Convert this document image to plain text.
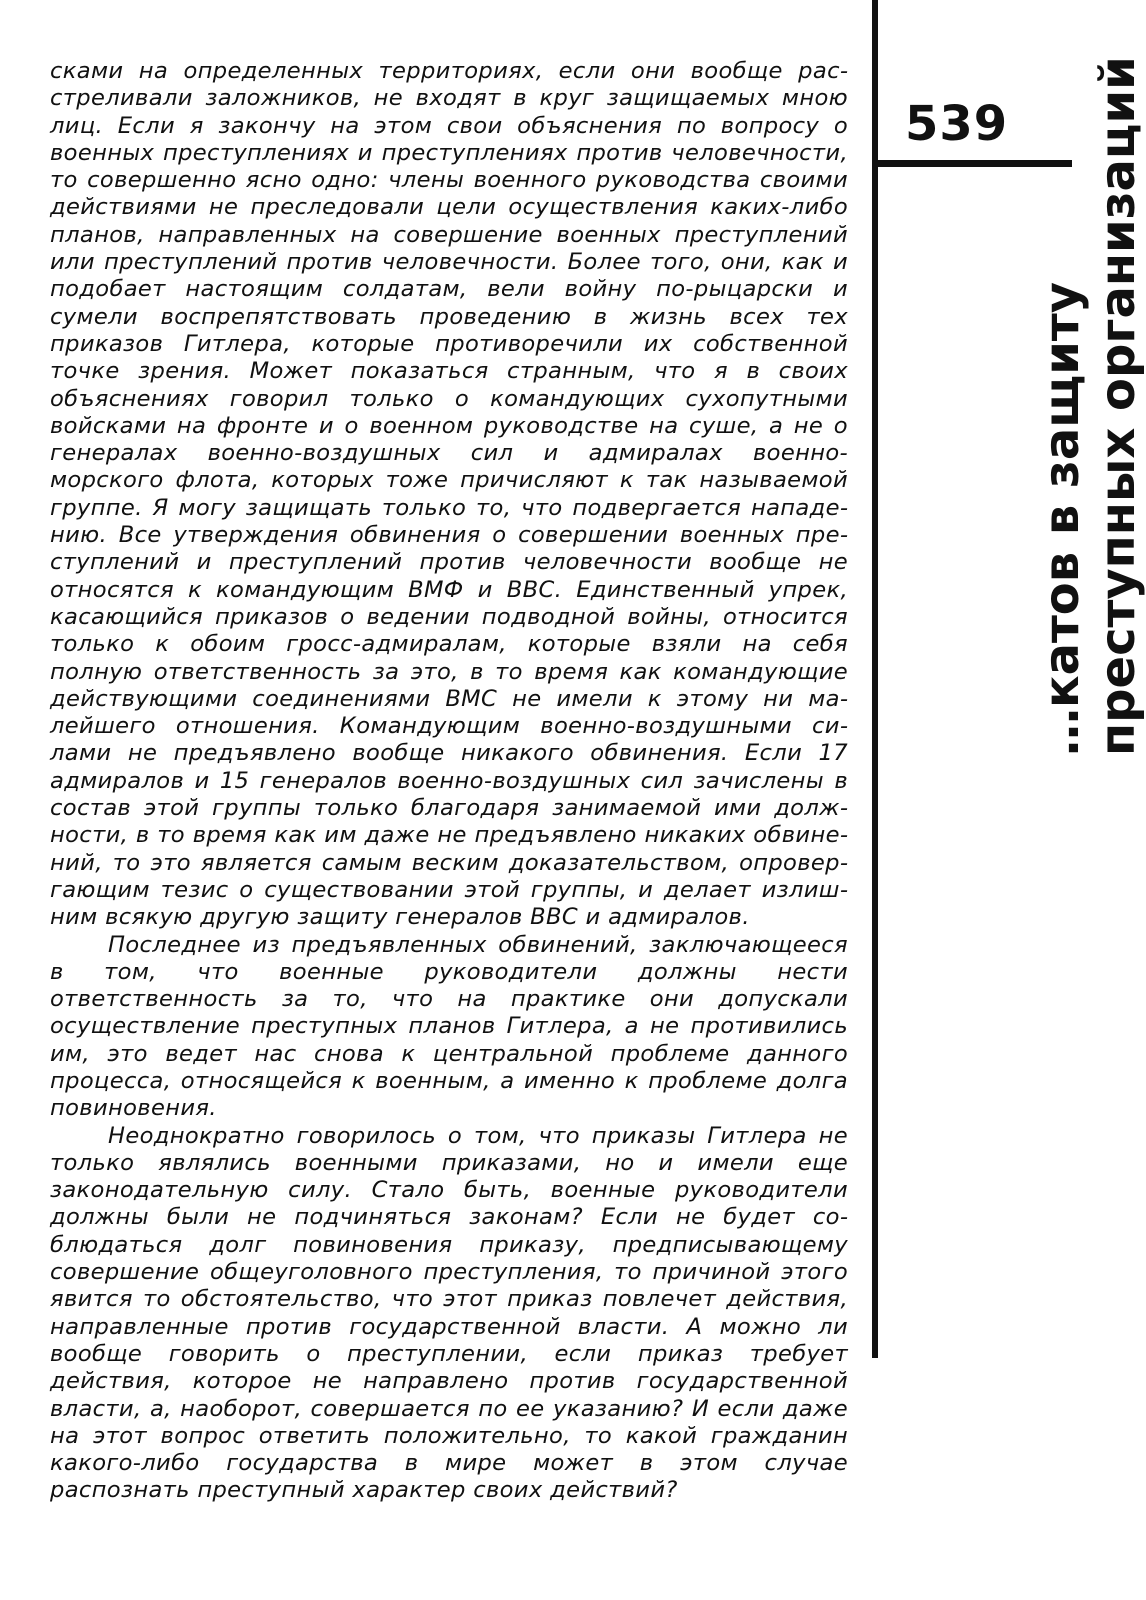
сками на определенных территориях, если они вообще расстреливали заложников, не входят в круг защищаемых мною лиц. Если я закончу на этом свои объяснения по вопросу о военных преступлениях и преступлениях против человечности, то совершенно ясно одно: члены военного руководства своими действиями не преследовали цели осуществления каких-либо планов, направленных на совершение военных преступлений или преступлений против человечности. Более того, они, как и подобает настоящим солдатам, вели войну по-рыцарски и сумели воспрепятствовать проведению в жизнь всех тех приказов Гитлера, которые противоречили их собственной точке зрения. Может показаться странным, что я в своих объяснениях говорил только о командующих сухопутными войсками на фронте и о военном руководстве на суше, а не о генералах военно-воздушных сил и адмиралах военно-морского флота, которых тоже причисляют к так называемой группе. Я могу защищать только то, что подвергается нападению. Все утверждения обвинения о совершении военных преступлений и преступлений против человечности вообще не относятся к командующим ВМФ и ВВС. Единственный упрек, касающийся приказов о ведении подводной войны, относится только к обоим гросс-адмиралам, которые взяли на себя полную ответственность за это, в то время как командующие действующими соединениями ВМС не имели к этому ни малейшего отношения. Командующим военно-воздушными силами не предъявлено вообще никакого обвинения. Если 17 адмиралов и 15 генералов военно-воздушных сил зачислены в состав этой группы только благодаря занимаемой ими должности, в то время как им даже не предъявлено никаких обвинений, то это является самым веским доказательством, опровергающим тезис о существовании этой группы, и делает излишним всякую другую защиту генералов ВВС и адмиралов.

Последнее из предъявленных обвинений, заключающееся в том, что военные руководители должны нести ответственность за то, что на практике они допускали осуществление преступных планов Гитлера, а не противились им, это ведет нас снова к центральной проблеме данного процесса, относящейся к военным, а именно к проблеме долга повиновения.

Неоднократно говорилось о том, что приказы Гитлера не только являлись военными приказами, но и имели еще законодательную силу. Стало быть, военные руководители должны были не подчиняться законам? Если не будет соблюдаться долг повиновения приказу, предписывающему совершение общеуголовного преступления, то причиной этого явится то обстоятельство, что этот приказ повлечет действия, направленные против государственной власти. А можно ли вообще говорить о преступлении, если приказ требует действия, которое не направлено против государственной власти, а, наоборот, совершается по ее указанию? И если даже на этот вопрос ответить положительно, то какой гражданин какого-либо государства в мире может в этом случае распознать преступный характер своих действий?

539
…катов в защиту преступных организаций
